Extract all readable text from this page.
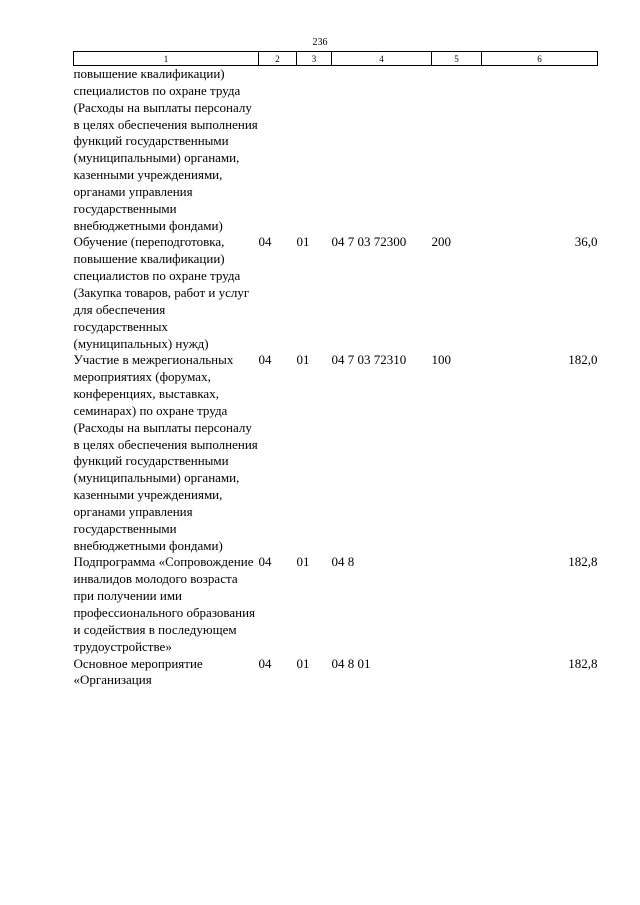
236
1	2	3	4	5	6
повышение квалификации) специалистов по охране труда (Расходы на выплаты персоналу в целях обеспечения выполнения функций государственными (муниципальными) органами, казенными учреждениями, органами управления государственными внебюджетными фондами)					
Обучение (переподготовка, повышение квалификации) специалистов по охране труда (Закупка товаров, работ и услуг для обеспечения государственных (муниципальных) нужд)	04	01	04 7 03 72300	200	36,0
Участие в межрегиональных мероприятиях (форумах, конференциях, выставках, семинарах) по охране труда (Расходы на выплаты персоналу в целях обеспечения выполнения функций государственными (муниципальными) органами, казенными учреждениями, органами управления государственными внебюджетными фондами)	04	01	04 7 03 72310	100	182,0
Подпрограмма «Сопровождение инвалидов молодого возраста при получении ими профессионального образования и содействия в последующем трудоустройстве»	04	01	04 8		182,8
Основное мероприятие «Организация	04	01	04 8 01		182,8
